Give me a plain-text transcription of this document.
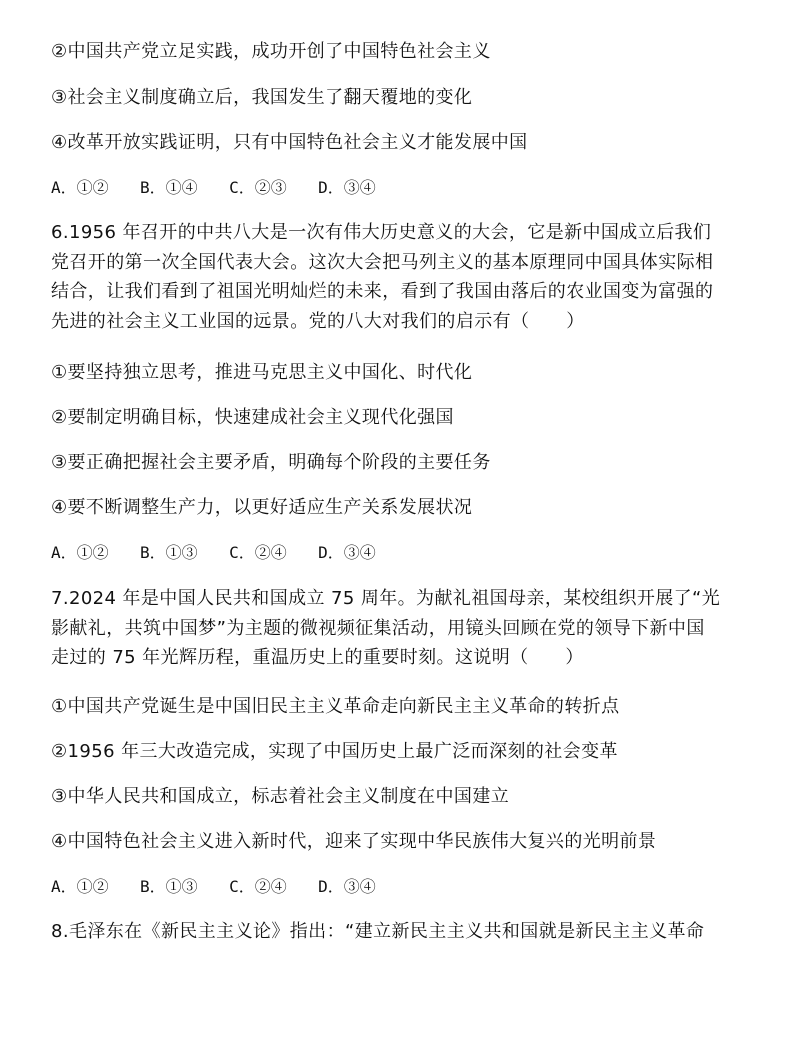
②中国共产党立足实践，成功开创了中国特色社会主义
③社会主义制度确立后，我国发生了翻天覆地的变化
④改革开放实践证明，只有中国特色社会主义才能发展中国
A．①② B．①④ C．②③ D．③④
6.1956 年召开的中共八大是一次有伟大历史意义的大会，它是新中国成立后我们
党召开的第一次全国代表大会。这次大会把马列主义的基本原理同中国具体实际相
结合，让我们看到了祖国光明灿烂的未来，看到了我国由落后的农业国变为富强的
先进的社会主义工业国的远景。党的八大对我们的启示有（　　）
①要坚持独立思考，推进马克思主义中国化、时代化
②要制定明确目标，快速建成社会主义现代化强国
③要正确把握社会主要矛盾，明确每个阶段的主要任务
④要不断调整生产力，以更好适应生产关系发展状况
A．①② B．①③ C．②④ D．③④
7.2024 年是中国人民共和国成立 75 周年。为献礼祖国母亲，某校组织开展了“光
影献礼，共筑中国梦”为主题的微视频征集活动，用镜头回顾在党的领导下新中国
走过的 75 年光辉历程，重温历史上的重要时刻。这说明（　　）
①中国共产党诞生是中国旧民主主义革命走向新民主主义革命的转折点
②1956 年三大改造完成，实现了中国历史上最广泛而深刻的社会变革
③中华人民共和国成立，标志着社会主义制度在中国建立
④中国特色社会主义进入新时代，迎来了实现中华民族伟大复兴的光明前景
A．①② B．①③ C．②④ D．③④
8.毛泽东在《新民主主义论》指出：“建立新民主主义共和国就是新民主主义革命
